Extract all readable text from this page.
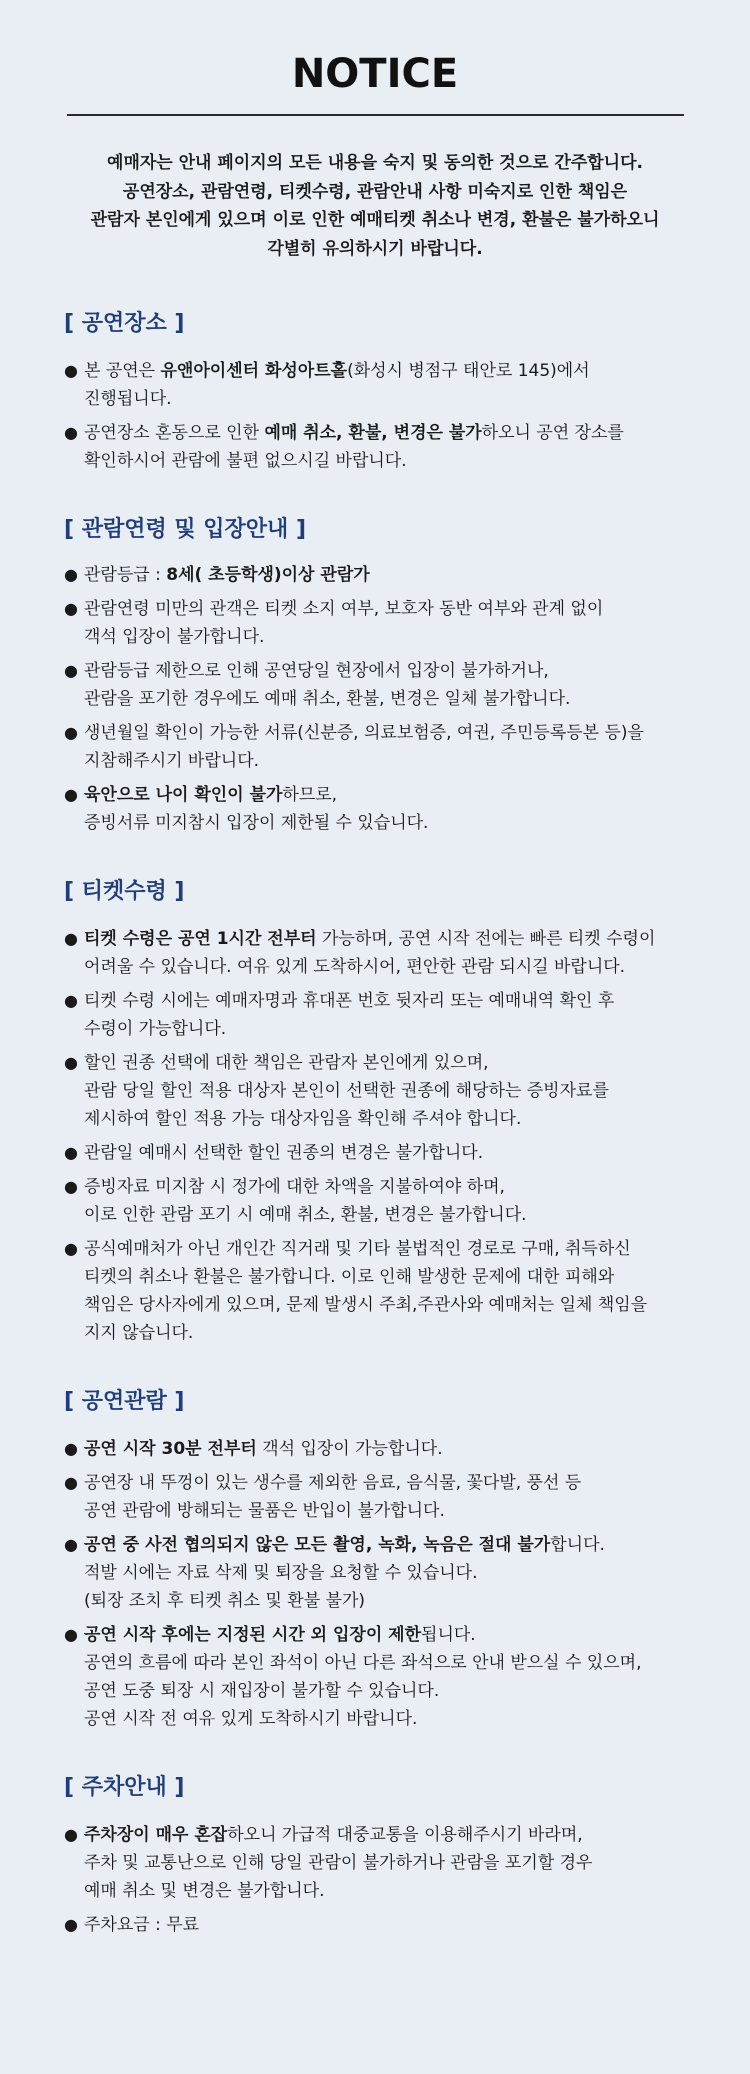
NOTICE
예매자는 안내 페이지의 모든 내용을 숙지 및 동의한 것으로 간주합니다.
공연장소, 관람연령, 티켓수령, 관람안내 사항 미숙지로 인한 책임은
관람자 본인에게 있으며 이로 인한 예매티켓 취소나 변경, 환불은 불가하오니
각별히 유의하시기 바랍니다.
[ 공연장소 ]
● 본 공연은 유앤아이센터 화성아트홀(화성시 병점구 태안로 145)에서
진행됩니다.
● 공연장소 혼동으로 인한 예매 취소, 환불, 변경은 불가하오니 공연 장소를
확인하시어 관람에 불편 없으시길 바랍니다.
[ 관람연령 및 입장안내 ]
● 관람등급 : 8세( 초등학생)이상 관람가
● 관람연령 미만의 관객은 티켓 소지 여부, 보호자 동반 여부와 관계 없이
객석 입장이 불가합니다.
● 관람등급 제한으로 인해 공연당일 현장에서 입장이 불가하거나,
관람을 포기한 경우에도 예매 취소, 환불, 변경은 일체 불가합니다.
● 생년월일 확인이 가능한 서류(신분증, 의료보험증, 여권, 주민등록등본 등)을
지참해주시기 바랍니다.
● 육안으로 나이 확인이 불가하므로,
증빙서류 미지참시 입장이 제한될 수 있습니다.
[ 티켓수령 ]
● 티켓 수령은 공연 1시간 전부터 가능하며, 공연 시작 전에는 빠른 티켓 수령이
어려울 수 있습니다. 여유 있게 도착하시어, 편안한 관람 되시길 바랍니다.
● 티켓 수령 시에는 예매자명과 휴대폰 번호 뒷자리 또는 예매내역 확인 후
수령이 가능합니다.
● 할인 권종 선택에 대한 책임은 관람자 본인에게 있으며,
관람 당일 할인 적용 대상자 본인이 선택한 권종에 해당하는 증빙자료를
제시하여 할인 적용 가능 대상자임을 확인해 주셔야 합니다.
● 관람일 예매시 선택한 할인 권종의 변경은 불가합니다.
● 증빙자료 미지참 시 정가에 대한 차액을 지불하여야 하며,
이로 인한 관람 포기 시 예매 취소, 환불, 변경은 불가합니다.
● 공식예매처가 아닌 개인간 직거래 및 기타 불법적인 경로로 구매, 취득하신
티켓의 취소나 환불은 불가합니다. 이로 인해 발생한 문제에 대한 피해와
책임은 당사자에게 있으며, 문제 발생시 주최,주관사와 예매처는 일체 책임을
지지 않습니다.
[ 공연관람 ]
● 공연 시작 30분 전부터 객석 입장이 가능합니다.
● 공연장 내 뚜껑이 있는 생수를 제외한 음료, 음식물, 꽃다발, 풍선 등
공연 관람에 방해되는 물품은 반입이 불가합니다.
● 공연 중 사전 협의되지 않은 모든 촬영, 녹화, 녹음은 절대 불가합니다.
적발 시에는 자료 삭제 및 퇴장을 요청할 수 있습니다.
(퇴장 조치 후 티켓 취소 및 환불 불가)
● 공연 시작 후에는 지정된 시간 외 입장이 제한됩니다.
공연의 흐름에 따라 본인 좌석이 아닌 다른 좌석으로 안내 받으실 수 있으며,
공연 도중 퇴장 시 재입장이 불가할 수 있습니다.
공연 시작 전 여유 있게 도착하시기 바랍니다.
[ 주차안내 ]
● 주차장이 매우 혼잡하오니 가급적 대중교통을 이용해주시기 바라며,
주차 및 교통난으로 인해 당일 관람이 불가하거나 관람을 포기할 경우
예매 취소 및 변경은 불가합니다.
● 주차요금 : 무료
